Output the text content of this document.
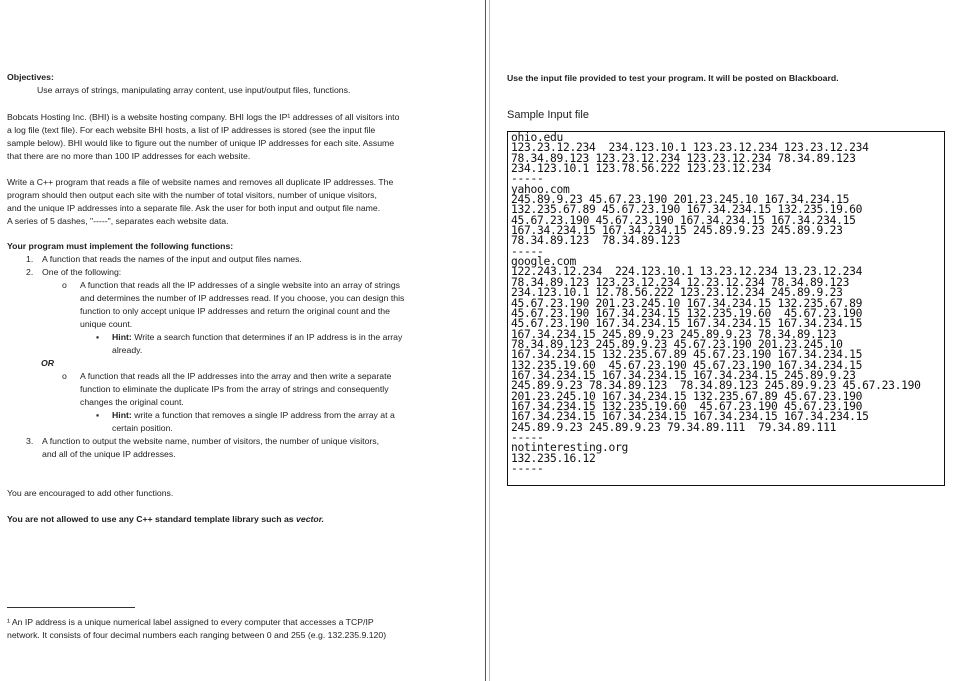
Objectives:
Use arrays of strings, manipulating array content, use input/output files, functions.
Bobcats Hosting Inc. (BHI) is a website hosting company. BHI logs the IP¹ addresses of all visitors into
a log file (text file). For each website BHI hosts, a list of IP addresses is stored (see the input file
sample below). BHI would like to figure out the number of unique IP addresses for each site. Assume
that there are no more than 100 IP addresses for each website.
Write a C++ program that reads a file of website names and removes all duplicate IP addresses. The
program should then output each site with the number of total visitors, number of unique visitors,
and the unique IP addresses into a separate file. Ask the user for both input and output file name.
A series of 5 dashes, "-----", separates each website data.
Your program must implement the following functions:
1. A function that reads the names of the input and output files names.
2. One of the following:
o A function that reads all the IP addresses of a single website into an array of strings
and determines the number of IP addresses read. If you choose, you can design this
function to only accept unique IP addresses and return the original count and the
unique count.
▪ Hint: Write a search function that determines if an IP address is in the array
already.
OR
o A function that reads all the IP addresses into the array and then write a separate
function to eliminate the duplicate IPs from the array of strings and consequently
changes the original count.
▪ Hint: write a function that removes a single IP address from the array at a
certain position.
3. A function to output the website name, number of visitors, the number of unique visitors,
and all of the unique IP addresses.
You are encouraged to add other functions.
You are not allowed to use any C++ standard template library such as vector.
¹ An IP address is a unique numerical label assigned to every computer that accesses a TCP/IP
network. It consists of four decimal numbers each ranging between 0 and 255 (e.g. 132.235.9.120)
Use the input file provided to test your program. It will be posted on Blackboard.
Sample Input file
ohio.edu
123.23.12.234  234.123.10.1 123.23.12.234 123.23.12.234
78.34.89.123 123.23.12.234 123.23.12.234 78.34.89.123
234.123.10.1 123.78.56.222 123.23.12.234
-----
yahoo.com
245.89.9.23 45.67.23.190 201.23.245.10 167.34.234.15
132.235.67.89 45.67.23.190 167.34.234.15 132.235.19.60
45.67.23.190 45.67.23.190 167.34.234.15 167.34.234.15
167.34.234.15 167.34.234.15 245.89.9.23 245.89.9.23
78.34.89.123  78.34.89.123
-----
google.com
122.243.12.234  224.123.10.1 13.23.12.234 13.23.12.234
78.34.89.123 123.23.12.234 12.23.12.234 78.34.89.123
234.123.10.1 12.78.56.222 123.23.12.234 245.89.9.23
45.67.23.190 201.23.245.10 167.34.234.15 132.235.67.89
45.67.23.190 167.34.234.15 132.235.19.60  45.67.23.190
45.67.23.190 167.34.234.15 167.34.234.15 167.34.234.15
167.34.234.15 245.89.9.23 245.89.9.23 78.34.89.123
78.34.89.123 245.89.9.23 45.67.23.190 201.23.245.10
167.34.234.15 132.235.67.89 45.67.23.190 167.34.234.15
132.235.19.60  45.67.23.190 45.67.23.190 167.34.234.15
167.34.234.15 167.34.234.15 167.34.234.15 245.89.9.23
245.89.9.23 78.34.89.123  78.34.89.123 245.89.9.23 45.67.23.190
201.23.245.10 167.34.234.15 132.235.67.89 45.67.23.190
167.34.234.15 132.235.19.60  45.67.23.190 45.67.23.190
167.34.234.15 167.34.234.15 167.34.234.15 167.34.234.15
245.89.9.23 245.89.9.23 79.34.89.111  79.34.89.111
-----
notinteresting.org
132.235.16.12
-----
